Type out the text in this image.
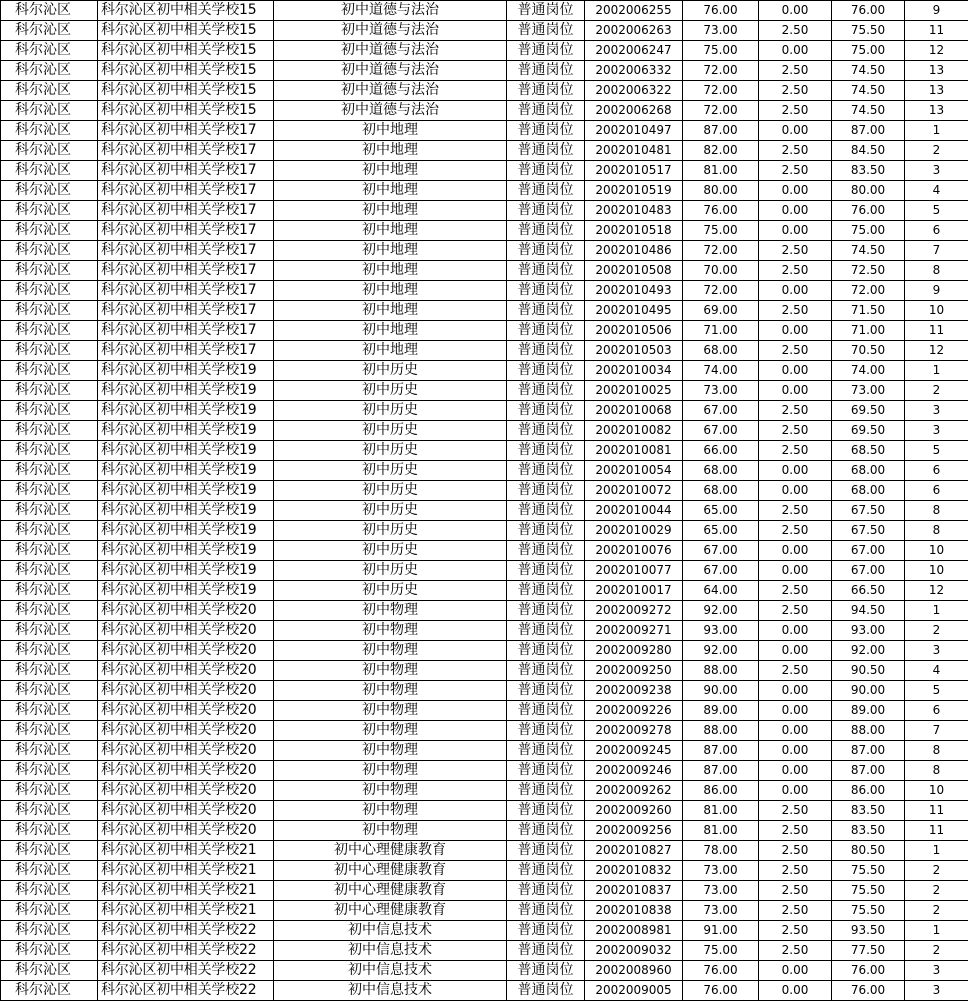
科尔沁区	科尔沁区初中相关学校15	初中道德与法治	普通岗位	2002006255	76.00	0.00	76.00	9
科尔沁区	科尔沁区初中相关学校15	初中道德与法治	普通岗位	2002006263	73.00	2.50	75.50	11
科尔沁区	科尔沁区初中相关学校15	初中道德与法治	普通岗位	2002006247	75.00	0.00	75.00	12
科尔沁区	科尔沁区初中相关学校15	初中道德与法治	普通岗位	2002006332	72.00	2.50	74.50	13
科尔沁区	科尔沁区初中相关学校15	初中道德与法治	普通岗位	2002006322	72.00	2.50	74.50	13
科尔沁区	科尔沁区初中相关学校15	初中道德与法治	普通岗位	2002006268	72.00	2.50	74.50	13
科尔沁区	科尔沁区初中相关学校17	初中地理	普通岗位	2002010497	87.00	0.00	87.00	1
科尔沁区	科尔沁区初中相关学校17	初中地理	普通岗位	2002010481	82.00	2.50	84.50	2
科尔沁区	科尔沁区初中相关学校17	初中地理	普通岗位	2002010517	81.00	2.50	83.50	3
科尔沁区	科尔沁区初中相关学校17	初中地理	普通岗位	2002010519	80.00	0.00	80.00	4
科尔沁区	科尔沁区初中相关学校17	初中地理	普通岗位	2002010483	76.00	0.00	76.00	5
科尔沁区	科尔沁区初中相关学校17	初中地理	普通岗位	2002010518	75.00	0.00	75.00	6
科尔沁区	科尔沁区初中相关学校17	初中地理	普通岗位	2002010486	72.00	2.50	74.50	7
科尔沁区	科尔沁区初中相关学校17	初中地理	普通岗位	2002010508	70.00	2.50	72.50	8
科尔沁区	科尔沁区初中相关学校17	初中地理	普通岗位	2002010493	72.00	0.00	72.00	9
科尔沁区	科尔沁区初中相关学校17	初中地理	普通岗位	2002010495	69.00	2.50	71.50	10
科尔沁区	科尔沁区初中相关学校17	初中地理	普通岗位	2002010506	71.00	0.00	71.00	11
科尔沁区	科尔沁区初中相关学校17	初中地理	普通岗位	2002010503	68.00	2.50	70.50	12
科尔沁区	科尔沁区初中相关学校19	初中历史	普通岗位	2002010034	74.00	0.00	74.00	1
科尔沁区	科尔沁区初中相关学校19	初中历史	普通岗位	2002010025	73.00	0.00	73.00	2
科尔沁区	科尔沁区初中相关学校19	初中历史	普通岗位	2002010068	67.00	2.50	69.50	3
科尔沁区	科尔沁区初中相关学校19	初中历史	普通岗位	2002010082	67.00	2.50	69.50	3
科尔沁区	科尔沁区初中相关学校19	初中历史	普通岗位	2002010081	66.00	2.50	68.50	5
科尔沁区	科尔沁区初中相关学校19	初中历史	普通岗位	2002010054	68.00	0.00	68.00	6
科尔沁区	科尔沁区初中相关学校19	初中历史	普通岗位	2002010072	68.00	0.00	68.00	6
科尔沁区	科尔沁区初中相关学校19	初中历史	普通岗位	2002010044	65.00	2.50	67.50	8
科尔沁区	科尔沁区初中相关学校19	初中历史	普通岗位	2002010029	65.00	2.50	67.50	8
科尔沁区	科尔沁区初中相关学校19	初中历史	普通岗位	2002010076	67.00	0.00	67.00	10
科尔沁区	科尔沁区初中相关学校19	初中历史	普通岗位	2002010077	67.00	0.00	67.00	10
科尔沁区	科尔沁区初中相关学校19	初中历史	普通岗位	2002010017	64.00	2.50	66.50	12
科尔沁区	科尔沁区初中相关学校20	初中物理	普通岗位	2002009272	92.00	2.50	94.50	1
科尔沁区	科尔沁区初中相关学校20	初中物理	普通岗位	2002009271	93.00	0.00	93.00	2
科尔沁区	科尔沁区初中相关学校20	初中物理	普通岗位	2002009280	92.00	0.00	92.00	3
科尔沁区	科尔沁区初中相关学校20	初中物理	普通岗位	2002009250	88.00	2.50	90.50	4
科尔沁区	科尔沁区初中相关学校20	初中物理	普通岗位	2002009238	90.00	0.00	90.00	5
科尔沁区	科尔沁区初中相关学校20	初中物理	普通岗位	2002009226	89.00	0.00	89.00	6
科尔沁区	科尔沁区初中相关学校20	初中物理	普通岗位	2002009278	88.00	0.00	88.00	7
科尔沁区	科尔沁区初中相关学校20	初中物理	普通岗位	2002009245	87.00	0.00	87.00	8
科尔沁区	科尔沁区初中相关学校20	初中物理	普通岗位	2002009246	87.00	0.00	87.00	8
科尔沁区	科尔沁区初中相关学校20	初中物理	普通岗位	2002009262	86.00	0.00	86.00	10
科尔沁区	科尔沁区初中相关学校20	初中物理	普通岗位	2002009260	81.00	2.50	83.50	11
科尔沁区	科尔沁区初中相关学校20	初中物理	普通岗位	2002009256	81.00	2.50	83.50	11
科尔沁区	科尔沁区初中相关学校21	初中心理健康教育	普通岗位	2002010827	78.00	2.50	80.50	1
科尔沁区	科尔沁区初中相关学校21	初中心理健康教育	普通岗位	2002010832	73.00	2.50	75.50	2
科尔沁区	科尔沁区初中相关学校21	初中心理健康教育	普通岗位	2002010837	73.00	2.50	75.50	2
科尔沁区	科尔沁区初中相关学校21	初中心理健康教育	普通岗位	2002010838	73.00	2.50	75.50	2
科尔沁区	科尔沁区初中相关学校22	初中信息技术	普通岗位	2002008981	91.00	2.50	93.50	1
科尔沁区	科尔沁区初中相关学校22	初中信息技术	普通岗位	2002009032	75.00	2.50	77.50	2
科尔沁区	科尔沁区初中相关学校22	初中信息技术	普通岗位	2002008960	76.00	0.00	76.00	3
科尔沁区	科尔沁区初中相关学校22	初中信息技术	普通岗位	2002009005	76.00	0.00	76.00	3
